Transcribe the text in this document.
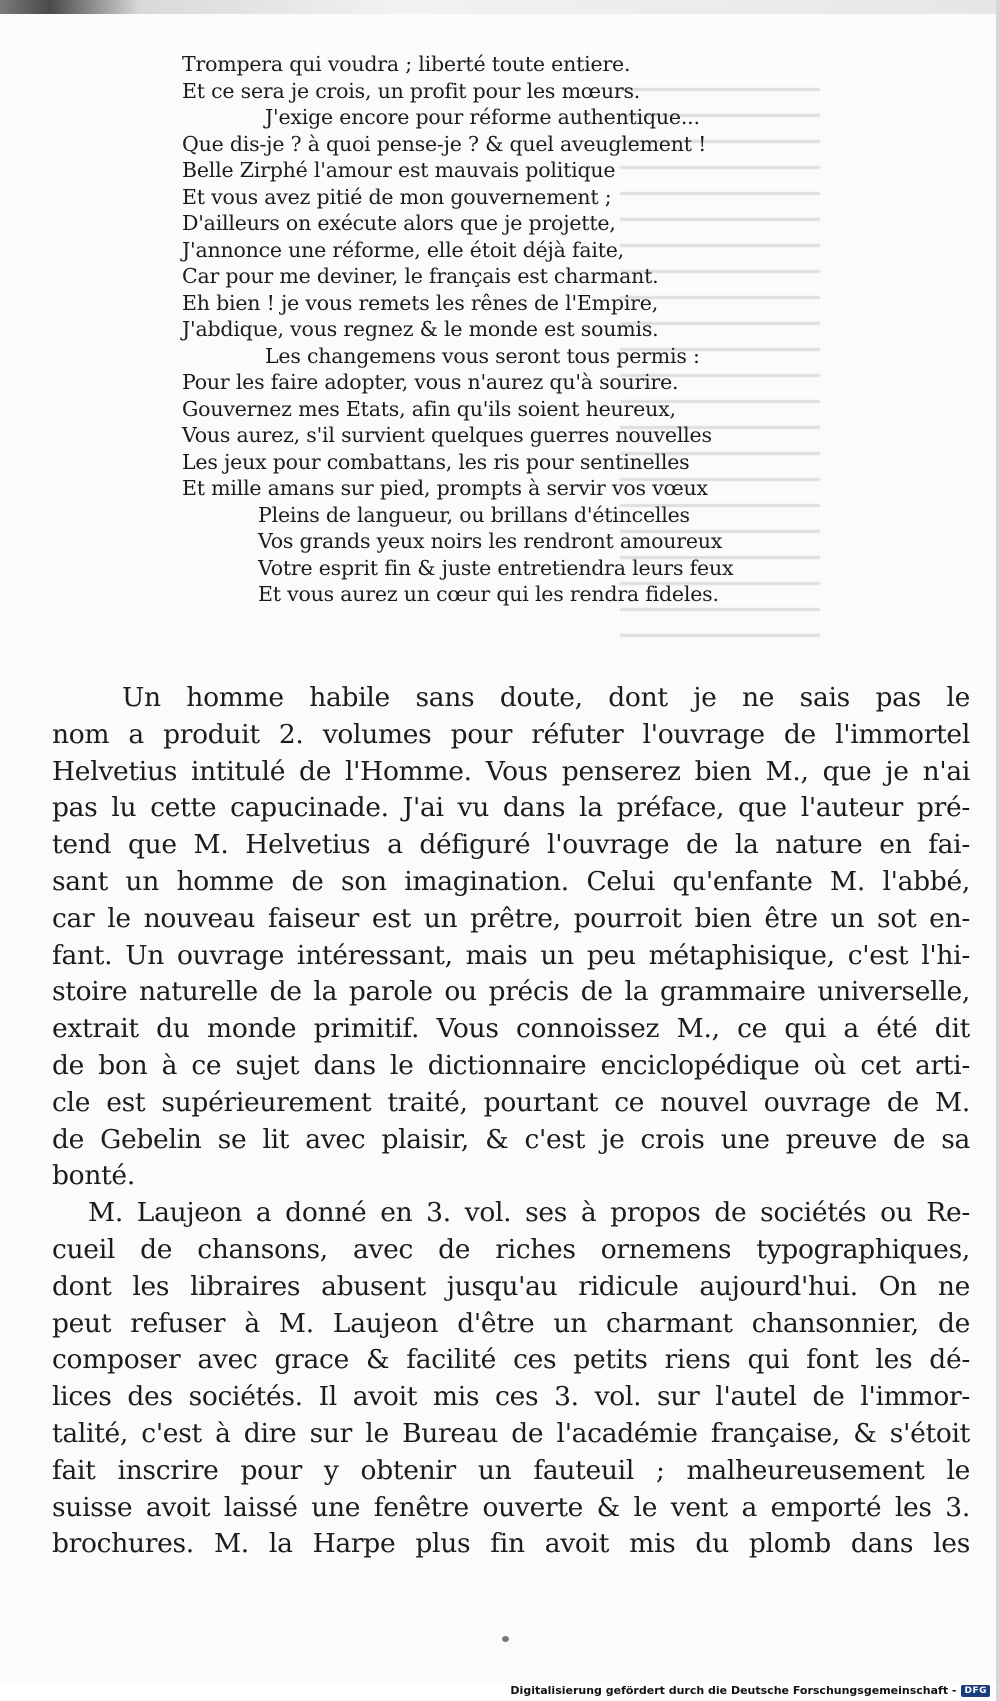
Trompera qui voudra ; liberté toute entiere.
Et ce sera je crois, un profit pour les mœurs.
J'exige encore pour réforme authentique...
Que dis-je ? à quoi pense-je ? & quel aveuglement !
Belle Zirphé l'amour est mauvais politique
Et vous avez pitié de mon gouvernement ;
D'ailleurs on exécute alors que je projette,
J'annonce une réforme, elle étoit déjà faite,
Car pour me deviner, le français est charmant.
Eh bien ! je vous remets les rênes de l'Empire,
J'abdique, vous regnez & le monde est soumis.
Les changemens vous seront tous permis :
Pour les faire adopter, vous n'aurez qu'à sourire.
Gouvernez mes Etats, afin qu'ils soient heureux,
Vous aurez, s'il survient quelques guerres nouvelles
Les jeux pour combattans, les ris pour sentinelles
Et mille amans sur pied, prompts à servir vos vœux
Pleins de langueur, ou brillans d'étincelles
Vos grands yeux noirs les rendront amoureux
Votre esprit fin & juste entretiendra leurs feux
Et vous aurez un cœur qui les rendra fideles.
Un homme habile sans doute, dont je ne sais pas le
nom a produit 2. volumes pour réfuter l'ouvrage de l'immortel
Helvetius intitulé de l'Homme. Vous penserez bien M., que je n'ai
pas lu cette capucinade. J'ai vu dans la préface, que l'auteur pré-
tend que M. Helvetius a défiguré l'ouvrage de la nature en fai-
sant un homme de son imagination. Celui qu'enfante M. l'abbé,
car le nouveau faiseur est un prêtre, pourroit bien être un sot en-
fant. Un ouvrage intéressant, mais un peu métaphisique, c'est l'hi-
stoire naturelle de la parole ou précis de la grammaire universelle,
extrait du monde primitif. Vous connoissez M., ce qui a été dit
de bon à ce sujet dans le dictionnaire enciclopédique où cet arti-
cle est supérieurement traité, pourtant ce nouvel ouvrage de M.
de Gebelin se lit avec plaisir, & c'est je crois une preuve de sa
bonté.
M. Laujeon a donné en 3. vol. ses à propos de sociétés ou Re-
cueil de chansons, avec de riches ornemens typographiques,
dont les libraires abusent jusqu'au ridicule aujourd'hui. On ne
peut refuser à M. Laujeon d'être un charmant chansonnier, de
composer avec grace & facilité ces petits riens qui font les dé-
lices des sociétés. Il avoit mis ces 3. vol. sur l'autel de l'immor-
talité, c'est à dire sur le Bureau de l'académie française, & s'étoit
fait inscrire pour y obtenir un fauteuil ; malheureusement le
suisse avoit laissé une fenêtre ouverte & le vent a emporté les 3.
brochures. M. la Harpe plus fin avoit mis du plomb dans les
Digitalisierung gefördert durch die Deutsche Forschungsgemeinschaft - DFG
